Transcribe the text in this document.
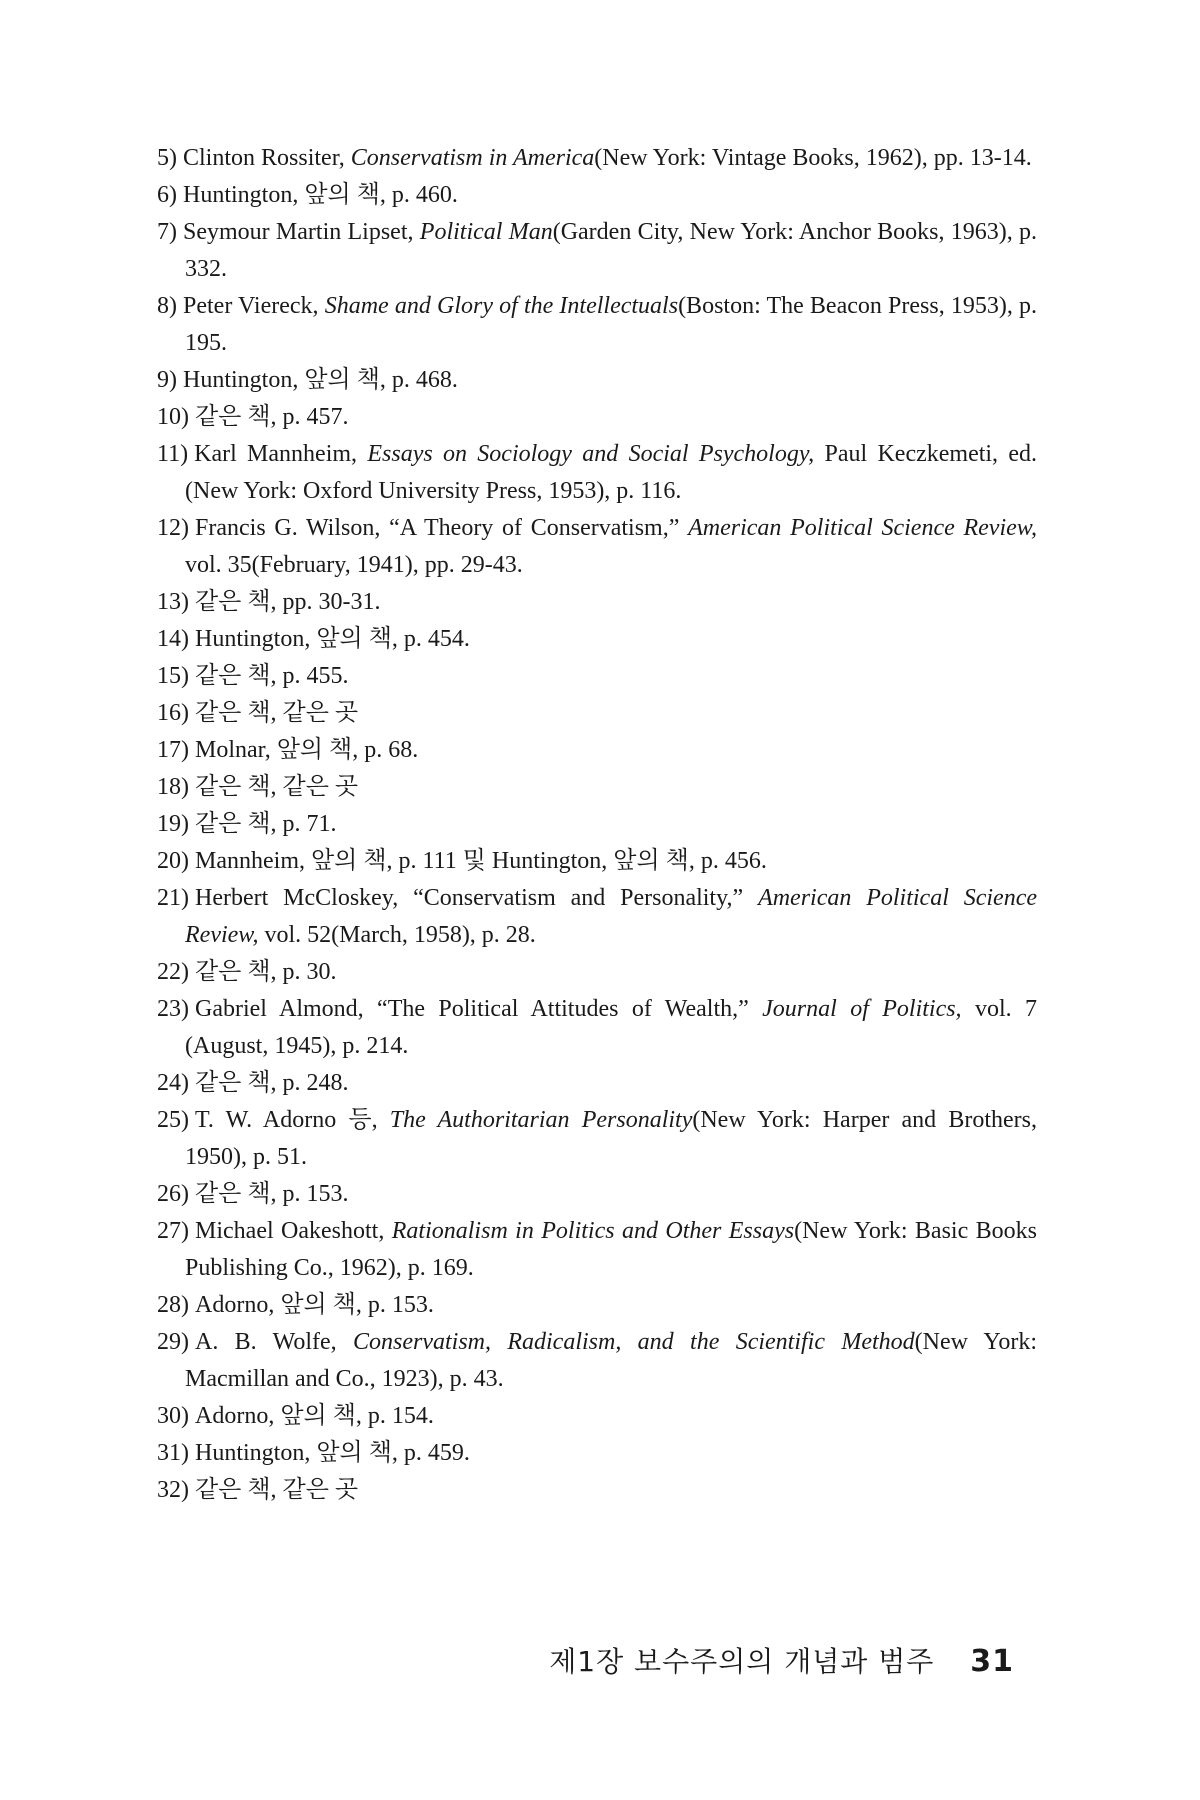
5) Clinton Rossiter, Conservatism in America(New York: Vintage Books, 1962), pp. 13-14.
6) Huntington, 앞의 책, p. 460.
7) Seymour Martin Lipset, Political Man(Garden City, New York: Anchor Books, 1963), p. 332.
8) Peter Viereck, Shame and Glory of the Intellectuals(Boston: The Beacon Press, 1953), p. 195.
9) Huntington, 앞의 책, p. 468.
10) 같은 책, p. 457.
11) Karl Mannheim, Essays on Sociology and Social Psychology, Paul Keczkemeti, ed. (New York: Oxford University Press, 1953), p. 116.
12) Francis G. Wilson, “A Theory of Conservatism,” American Political Science Review, vol. 35(February, 1941), pp. 29-43.
13) 같은 책, pp. 30-31.
14) Huntington, 앞의 책, p. 454.
15) 같은 책, p. 455.
16) 같은 책, 같은 곳
17) Molnar, 앞의 책, p. 68.
18) 같은 책, 같은 곳
19) 같은 책, p. 71.
20) Mannheim, 앞의 책, p. 111 및 Huntington, 앞의 책, p. 456.
21) Herbert McCloskey, “Conservatism and Personality,” American Political Science Review, vol. 52(March, 1958), p. 28.
22) 같은 책, p. 30.
23) Gabriel Almond, “The Political Attitudes of Wealth,” Journal of Politics, vol. 7 (August, 1945), p. 214.
24) 같은 책, p. 248.
25) T. W. Adorno 등, The Authoritarian Personality(New York: Harper and Brothers, 1950), p. 51.
26) 같은 책, p. 153.
27) Michael Oakeshott, Rationalism in Politics and Other Essays(New York: Basic Books Publishing Co., 1962), p. 169.
28) Adorno, 앞의 책, p. 153.
29) A. B. Wolfe, Conservatism, Radicalism, and the Scientific Method(New York: Macmillan and Co., 1923), p. 43.
30) Adorno, 앞의 책, p. 154.
31) Huntington, 앞의 책, p. 459.
32) 같은 책, 같은 곳
제1장 보수주의의 개념과 범주 31
